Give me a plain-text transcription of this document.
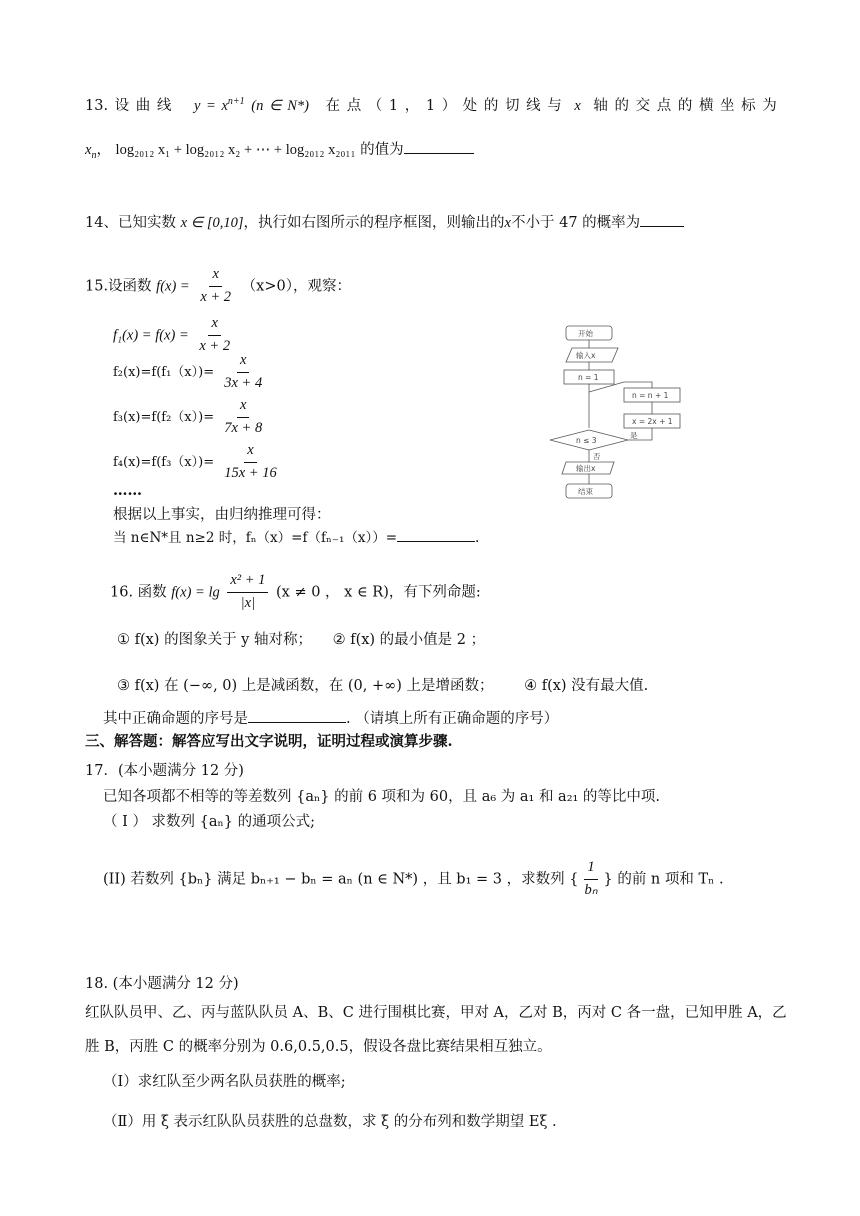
13. 设 曲 线 $y = x^{n+1}$ (n ∈ N*) 在 点 （ 1 ， 1 ） 处 的 切 线 与 x 轴 的 交 点 的 横 坐 标 为
$x_n$， log₂₀₁₂ x₁ + log₂₀₁₂ x₂ + ⋯ + log₂₀₁₂ x₂₀₁₁ 的值为
14、已知实数 x ∈ [0,10]，执行如右图所示的程序框图，则输出的x不小于 47 的概率为
15.设函数 $f(x) = \frac{x}{x + 2} (x>0)$，观察：
$f_1(x) = f(x) = \frac{x}{x + 2}$
$f_2(x)=f(f_1(x))= \frac{x}{3x + 4}$
$f_3(x)=f(f_2(x))= \frac{x}{7x + 8}$
$f_4(x)=f(f_3(x))= \frac{x}{15x + 16}$
……
根据以上事实，由归纳推理可得：
当 n∈N*且 n≥2 时，fₙ（x）=f（fₙ₋₁（x））=	.
开始
输入x
n = 1
n ≤ 3
x = 2x + 1
n = n + 1
是
否
输出x
结束
16. 函数 $f(x) = \lg \frac{\text{x² + 1}}{|x|} (x \ne 0$ ， x ∈ R)，有下列命题:
① f(x) 的图象关于 y 轴对称； ② f(x) 的最小值是 2 ；
③ f(x) 在 (−∞, 0) 上是减函数，在 (0, +∞) 上是增函数； ④ f(x) 没有最大值.
其中正确命题的序号是	. （请填上所有正确命题的序号）
三、解答题：解答应写出文字说明，证明过程或演算步骤.
17．(本小题满分 12 分)
已知各项都不相等的等差数列 {aₙ} 的前 6 项和为 60，且 a₆ 为 a₁ 和 a₂₁ 的等比中项.
（ Ⅰ ） 求数列 {aₙ} 的通项公式;
(II) 若数列 {bₙ} 满足 bₙ₊₁ − bₙ = aₙ (n ∈ N*) ，且 b₁ = 3 ，求数列 { $\frac{1}{\text{bₙ}}$ } 的前 n 项和 Tₙ .
18. (本小题满分 12 分)
红队队员甲、乙、丙与蓝队队员 A、B、C 进行围棋比赛，甲对 A，乙对 B，丙对 C 各一盘，已知甲胜 A，乙
胜 B，丙胜 C 的概率分别为 0.6,0.5,0.5，假设各盘比赛结果相互独立。
（Ⅰ）求红队至少两名队员获胜的概率;
（Ⅱ）用 ξ 表示红队队员获胜的总盘数，求 ξ 的分布列和数学期望 Eξ .
